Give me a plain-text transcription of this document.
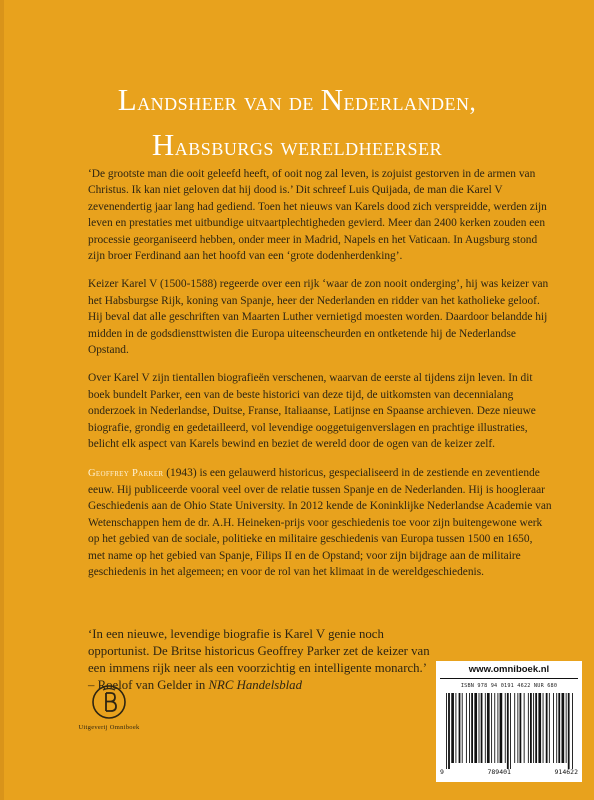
Landsheer van de Nederlanden,
Habsburgs wereldheerser

‘De grootste man die ooit geleefd heeft, of ooit nog zal leven, is zojuist gestorven in de armen van Christus. Ik kan niet geloven dat hij dood is.’ Dit schreef Luis Quijada, de man die Karel V zevenendertig jaar lang had gediend. Toen het nieuws van Karels dood zich verspreidde, werden zijn leven en prestaties met uitbundige uitvaartplechtigheden gevierd. Meer dan 2400 kerken zouden een processie georganiseerd hebben, onder meer in Madrid, Napels en het Vaticaan. In Augsburg stond zijn broer Ferdinand aan het hoofd van een ‘grote dodenherdenking’.

Keizer Karel V (1500-1588) regeerde over een rijk ‘waar de zon nooit onderging’, hij was keizer van het Habsburgse Rijk, koning van Spanje, heer der Nederlanden en ridder van het katholieke geloof. Hij beval dat alle geschriften van Maarten Luther vernietigd moesten worden. Daardoor belandde hij midden in de godsdiensttwisten die Europa uiteenscheurden en ontketende hij de Nederlandse Opstand.

Over Karel V zijn tientallen biografieën verschenen, waarvan de eerste al tijdens zijn leven. In dit boek bundelt Parker, een van de beste historici van deze tijd, de uitkomsten van decennialang onderzoek in Nederlandse, Duitse, Franse, Italiaanse, Latijnse en Spaanse archieven. Deze nieuwe biografie, grondig en gedetailleerd, vol levendige ooggetuigenverslagen en prachtige illustraties, belicht elk aspect van Karels bewind en beziet de wereld door de ogen van de keizer zelf.

Geoffrey Parker (1943) is een gelauwerd historicus, gespecialiseerd in de zestiende en zeventiende eeuw. Hij publiceerde vooral veel over de relatie tussen Spanje en de Nederlanden. Hij is hoogleraar Geschiedenis aan de Ohio State University. In 2012 kende de Koninklijke Nederlandse Academie van Wetenschappen hem de dr. A.H. Heineken-prijs voor geschiedenis toe voor zijn buitengewone werk op het gebied van de sociale, politieke en militaire geschiedenis van Europa tussen 1500 en 1650, met name op het gebied van Spanje, Filips II en de Opstand; voor zijn bijdrage aan de militaire geschiedenis in het algemeen; en voor de rol van het klimaat in de wereldgeschiedenis.

‘In een nieuwe, levendige biografie is Karel V genie noch opportunist. De Britse historicus Geoffrey Parker zet de keizer van een immens rijk neer als een voorzichtig en intelligente monarch.’

– Roelof van Gelder in NRC Handelsblad

Uitgeverij Omniboek
www.omniboek.nl
ISBN 978 94 0191 4622 NUR 680
9	789401	914622
